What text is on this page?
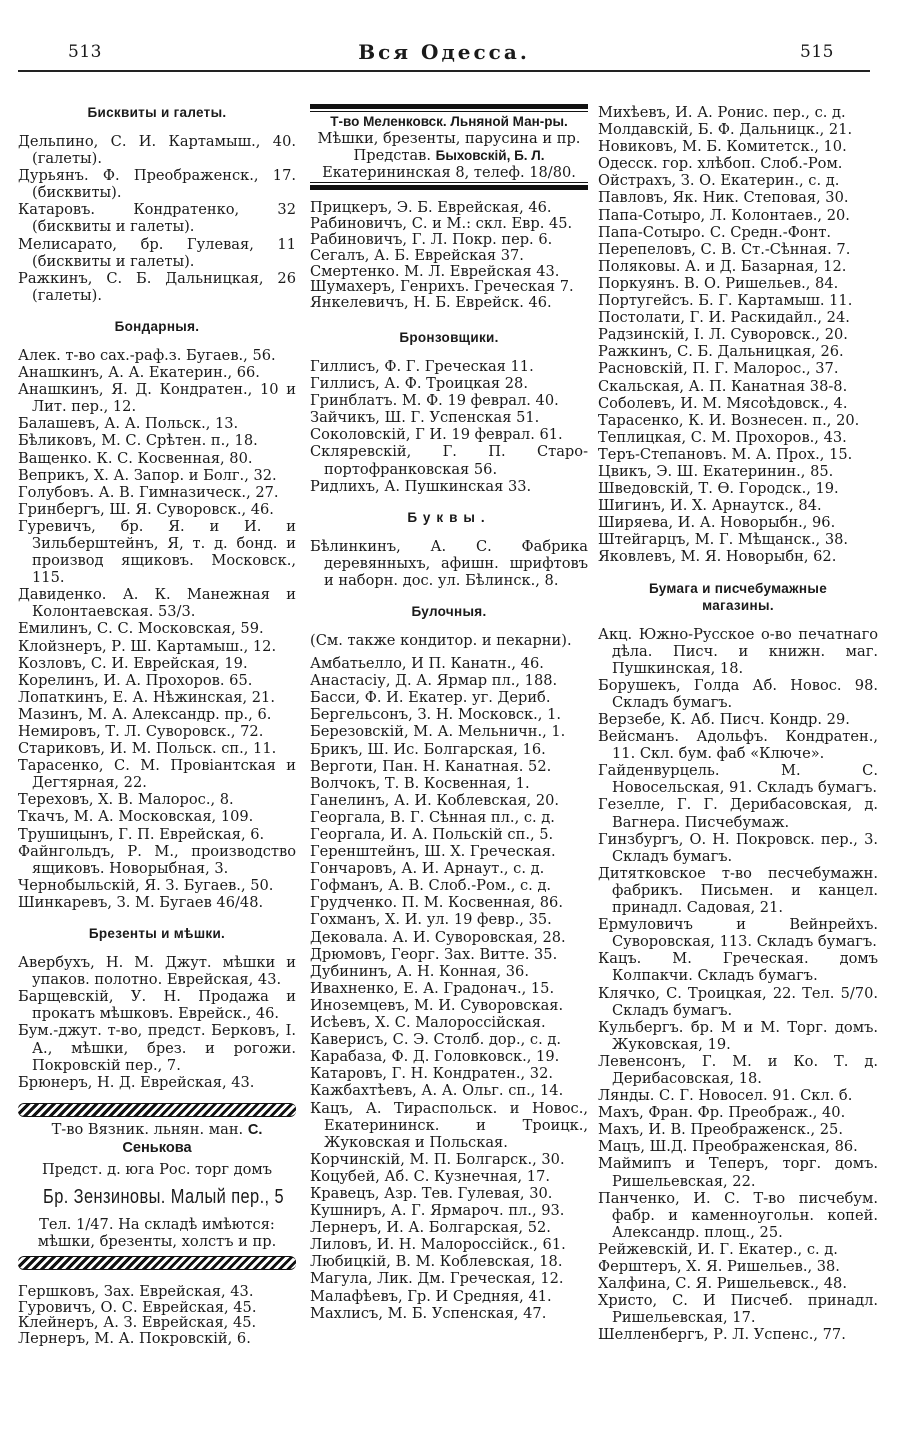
513	Вся Одесса.	515
Бисквиты и галеты.

Дельпино, С. И. Картамыш., 40. (галеты).

Дурьянъ. Ф. Преображенск., 17. (бисквиты).

Катаровъ. Кондратенко, 32 (бисквиты и галеты).

Мелисарато, бр. Гулевая, 11 (бисквиты и галеты).

Ражкинъ, С. Б. Дальницкая, 26 (галеты).

Бондарныя.

Алек. т-во сах.-раф.з. Бугаев., 56.

Анашкинъ, А. А. Екатерин., 66.

Анашкинъ, Я. Д. Кондратен., 10 и Лит. пер., 12.

Балашевъ, А. А. Польск., 13.

Бѣликовъ, М. С. Срѣтен. п., 18.

Ващенко. К. С. Косвенная, 80.

Веприкъ, Х. А. Запор. и Болг., 32.

Голубовъ. А. В. Гимназическ., 27.

Гринбергъ, Ш. Я. Суворовск., 46.

Гуревичъ, бр. Я. и И. и Зильберштейнъ, Я, т. д. бонд. и производ ящиковъ. Московск., 115.

Давиденко. А. К. Манежная и Колонтаевская. 53/3.

Емилинъ, С. С. Московская, 59.

Клойзнеръ, Р. Ш. Картамыш., 12.

Козловъ, С. И. Еврейская, 19.

Корелинъ, И. А. Прохоров. 65.

Лопаткинъ, Е. А. Нѣжинская, 21.

Мазинъ, М. А. Александр. пр., 6.

Немировъ, Т. Л. Суворовск., 72.

Стариковъ, И. М. Польск. сп., 11.

Тарасенко, С. М. Провіантская и Дегтярная, 22.

Тереховъ, Х. В. Малорос., 8.

Ткачъ, М. А. Московская, 109.

Трушицынъ, Г. П. Еврейская, 6.

Файнгольдъ, Р. М., производство ящиковъ. Новорыбная, 3.

Чернобыльскій, Я. З. Бугаев., 50.

Шинкаревъ, З. М. Бугаев 46/48.

Брезенты и мѣшки.

Авербухъ, Н. М. Джут. мѣшки и упаков. полотно. Еврейская, 43.

Барщевскій, У. Н. Продажа и прокатъ мѣшковъ. Еврейск., 46.

Бум.-джут. т-во, предст. Берковъ, І. А., мѣшки, брез. и рогожи. Покровскій пер., 7.

Брюнеръ, Н. Д. Еврейская, 43.

Т-во Вязник. льнян. ман. С. Сенькова
Предст. д. юга Рос. торг домъ
Бр. Зензиновы. Малый пер., 5
Тел. 1/47. На складѣ имѣются:
мѣшки, брезенты, холстъ и пр.

Гершковъ, Зах. Еврейская, 43.

Гуровичъ, О. С. Еврейская, 45.

Клейнеръ, А. З. Еврейская, 45.

Лернеръ, М. А. Покровскій, 6.

Т-во Меленковск. Льняной Ман-ры.
Мѣшки, брезенты, парусина и пр.
Представ. Быховскій, Б. Л.
Екатерининская 8, телеф. 18/80.

Прицкеръ, Э. Б. Еврейская, 46.

Рабиновичъ, С. и М.: скл. Евр. 45.

Рабиновичъ, Г. Л. Покр. пер. 6.

Сегалъ, А. Б. Еврейская 37.

Смертенко. М. Л. Еврейская 43.

Шумахеръ, Генрихъ. Греческая 7.

Янкелевичъ, Н. Б. Еврейск. 46.

Бронзовщики.

Гиллисъ, Ф. Г. Греческая 11.

Гиллисъ, А. Ф. Троицкая 28.

Гринблатъ. М. Ф. 19 феврал. 40.

Зайчикъ, Ш. Г. Успенская 51.

Соколовскій, Г И. 19 феврал. 61.

Скляревскій, Г. П. Старо-портофранковская 56.

Ридлихъ, А. Пушкинская 33.

Буквы.

Бѣлинкинъ, А. С. Фабрика деревянныхъ, афишн. шрифтовъ и наборн. дос. ул. Бѣлинск., 8.

Булочныя.

(См. также кондитор. и пекарни).

Амбатьелло, И П. Канатн., 46.

Анастасіу, Д. А. Ярмар пл., 188.

Басси, Ф. И. Екатер. уг. Дериб.

Бергельсонъ, З. Н. Московск., 1.

Березовскій, М. А. Мельничн., 1.

Брикъ, Ш. Ис. Болгарская, 16.

Верготи, Пан. Н. Канатная. 52.

Волчокъ, Т. В. Косвенная, 1.

Ганелинъ, А. И. Коблевская, 20.

Георгала, В. Г. Сѣнная пл., с. д.

Георгала, И. А. Польскій сп., 5.

Геренштейнъ, Ш. Х. Греческая.

Гончаровъ, А. И. Арнаут., с. д.

Гофманъ, А. В. Слоб.-Ром., с. д.

Грудченко. П. М. Косвенная, 86.

Гохманъ, Х. И. ул. 19 февр., 35.

Дековала. А. И. Суворовская, 28.

Дрюмовъ, Георг. Зах. Витте. 35.

Дубининъ, А. Н. Конная, 36.

Ивахненко, Е. А. Градонач., 15.

Иноземцевъ, М. И. Суворовская.

Исѣевъ, Х. С. Малороссійская.

Каверисъ, С. Э. Столб. дор., с. д.

Карабаза, Ф. Д. Головковск., 19.

Катаровъ, Г. Н. Кондратен., 32.

Кажбахтѣевъ, А. А. Ольг. сп., 14.

Кацъ, А. Тираспольск. и Новос., Екатерининск. и Троицк., Жуковская и Польская.

Корчинскій, М. П. Болгарск., 30.

Коцубей, Аб. С. Кузнечная, 17.

Кравецъ, Азр. Тев. Гулевая, 30.

Кушниръ, А. Г. Ярмароч. пл., 93.

Лернеръ, И. А. Болгарская, 52.

Лиловъ, И. Н. Малороссійск., 61.

Любицкій, В. М. Коблевская, 18.

Магула, Лик. Дм. Греческая, 12.

Малафѣевъ, Гр. И Средняя, 41.

Махлисъ, М. Б. Успенская, 47.

Михѣевъ, И. А. Ронис. пер., с. д.

Молдавскій, Б. Ф. Дальницк., 21.

Новиковъ, М. Б. Комитетск., 10.

Одесск. гор. хлѣбоп. Слоб.-Ром.

Ойстрахъ, З. О. Екатерин., с. д.

Павловъ, Як. Ник. Степовая, 30.

Папа-Сотыро, Л. Колонтаев., 20.

Папа-Сотыро. С. Средн.-Фонт.

Перепеловъ, С. В. Ст.-Сѣнная. 7.

Поляковы. А. и Д. Базарная, 12.

Поркуянъ. В. О. Ришельев., 84.

Португейсъ. Б. Г. Картамыш. 11.

Постолати, Г. И. Раскидайл., 24.

Радзинскій, І. Л. Суворовск., 20.

Ражкинъ, С. Б. Дальницкая, 26.

Расновскій, П. Г. Малорос., 37.

Скальская, А. П. Канатная 38-8.

Соболевъ, И. М. Мясоѣдовск., 4.

Тарасенко, К. И. Вознесен. п., 20.

Теплицкая, С. М. Прохоров., 43.

Теръ-Степановъ. М. А. Прох., 15.

Цвикъ, Э. Ш. Екатеринин., 85.

Шведовскій, Т. Ѳ. Городск., 19.

Шигинъ, И. Х. Арнаутск., 84.

Ширяева, И. А. Новорыбн., 96.

Штейгарцъ, М. Г. Мѣщанск., 38.

Яковлевъ, М. Я. Новорыбн, 62.

Бумага и писчебумажные
магазины.

Акц. Южно-Русское о-во печатнаго дѣла. Писч. и книжн. маг. Пушкинская, 18.

Борушекъ, Голда Аб. Новос. 98. Складъ бумагъ.

Верзебе, К. Аб. Писч. Кондр. 29.

Вейсманъ. Адольфъ. Кондратен., 11. Скл. бум. фаб «Ключе».

Гайденвурцель. М. С. Новосельская, 91. Складъ бумагъ.

Гезелле, Г. Г. Дерибасовская, д. Вагнера. Писчебумаж.

Гинзбургъ, О. Н. Покровск. пер., 3. Складъ бумагъ.

Дитятковское т-во песчебумажн. фабрикъ. Письмен. и канцел. принадл. Садовая, 21.

Ермуловичъ и Вейнрейхъ. Суворовская, 113. Складъ бумагъ.

Кацъ. М. Греческая. домъ Колпакчи. Складъ бумагъ.

Клячко, С. Троицкая, 22. Тел. 5/70. Складъ бумагъ.

Кульбергъ. бр. М и М. Торг. домъ. Жуковская, 19.

Левенсонъ, Г. М. и Ко. Т. д. Дерибасовская, 18.

Лянды. С. Г. Новосел. 91. Скл. б.

Махъ, Фран. Фр. Преображ., 40.

Махъ, И. В. Преображенск., 25.

Мацъ, Ш.Д. Преображенская, 86.

Маймипъ и Теперъ, торг. домъ. Ришельевская, 22.

Панченко, И. С. Т-во писчебум. фабр. и каменноугольн. копей. Александр. площ., 25.

Рейжевскій, И. Г. Екатер., с. д.

Ферштеръ, Х. Я. Ришельев., 38.

Халфина, С. Я. Ришельевск., 48.

Христо, С. И Писчеб. принадл. Ришельевская, 17.

Шелленбергъ, Р. Л. Успенс., 77.
